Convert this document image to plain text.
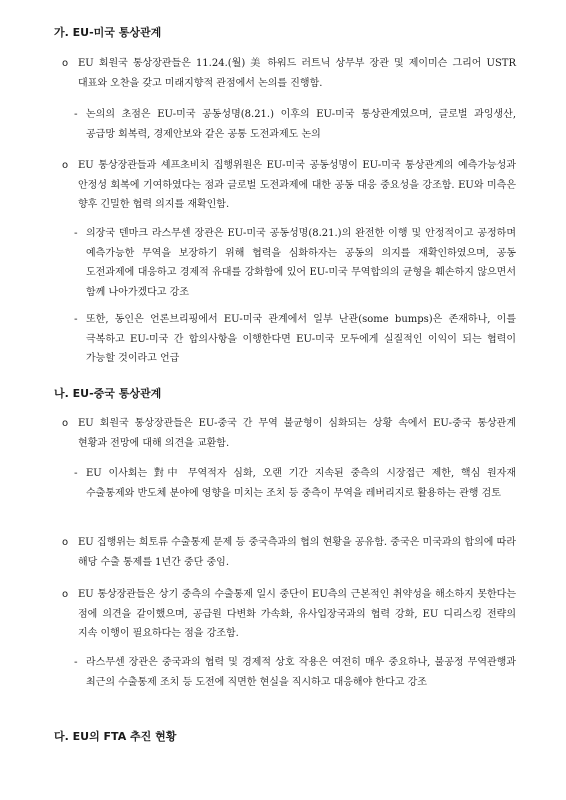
가. EU-미국 통상관계
o EU 회원국 통상장관들은 11.24.(월) 美 하워드 러트닉 상무부 장관 및 제이미슨 그리어 USTR 대표와 오찬을 갖고 미래지향적 관점에서 논의를 진행함.
- 논의의 초점은 EU-미국 공동성명(8.21.) 이후의 EU-미국 통상관계였으며, 글로벌 과잉생산, 공급망 회복력, 경제안보와 같은 공통 도전과제도 논의
o EU 통상장관들과 셰프초비치 집행위원은 EU-미국 공동성명이 EU-미국 통상관계의 예측가능성과 안정성 회복에 기여하였다는 점과 글로벌 도전과제에 대한 공동 대응 중요성을 강조함. EU와 미측은 향후 긴밀한 협력 의지를 재확인함.
- 의장국 덴마크 라스무센 장관은 EU-미국 공동성명(8.21.)의 완전한 이행 및 안정적이고 공정하며 예측가능한 무역을 보장하기 위해 협력을 심화하자는 공동의 의지를 재확인하였으며, 공동 도전과제에 대응하고 경제적 유대를 강화함에 있어 EU-미국 무역합의의 균형을 훼손하지 않으면서 함께 나아가겠다고 강조
- 또한, 동인은 언론브리핑에서 EU-미국 관계에서 일부 난관(some bumps)은 존재하나, 이를 극복하고 EU-미국 간 합의사항을 이행한다면 EU-미국 모두에게 실질적인 이익이 되는 협력이 가능할 것이라고 언급
나. EU-중국 통상관계
o EU 회원국 통상장관들은 EU-중국 간 무역 불균형이 심화되는 상황 속에서 EU-중국 통상관계 현황과 전망에 대해 의견을 교환함.
- EU 이사회는 對中 무역적자 심화, 오랜 기간 지속된 중측의 시장접근 제한, 핵심 원자재 수출통제와 반도체 분야에 영향을 미치는 조치 등 중측이 무역을 레버리지로 활용하는 관행 검토
o EU 집행위는 희토류 수출통제 문제 등 중국측과의 협의 현황을 공유함. 중국은 미국과의 합의에 따라 해당 수출 통제를 1년간 중단 중임.
o EU 통상장관들은 상기 중측의 수출통제 일시 중단이 EU측의 근본적인 취약성을 해소하지 못한다는 점에 의견을 같이했으며, 공급원 다변화 가속화, 유사입장국과의 협력 강화, EU 디리스킹 전략의 지속 이행이 필요하다는 점을 강조함.
- 라스무센 장관은 중국과의 협력 및 경제적 상호 작용은 여전히 매우 중요하나, 불공정 무역관행과 최근의 수출통제 조치 등 도전에 직면한 현실을 직시하고 대응해야 한다고 강조
다. EU의 FTA 추진 현황
